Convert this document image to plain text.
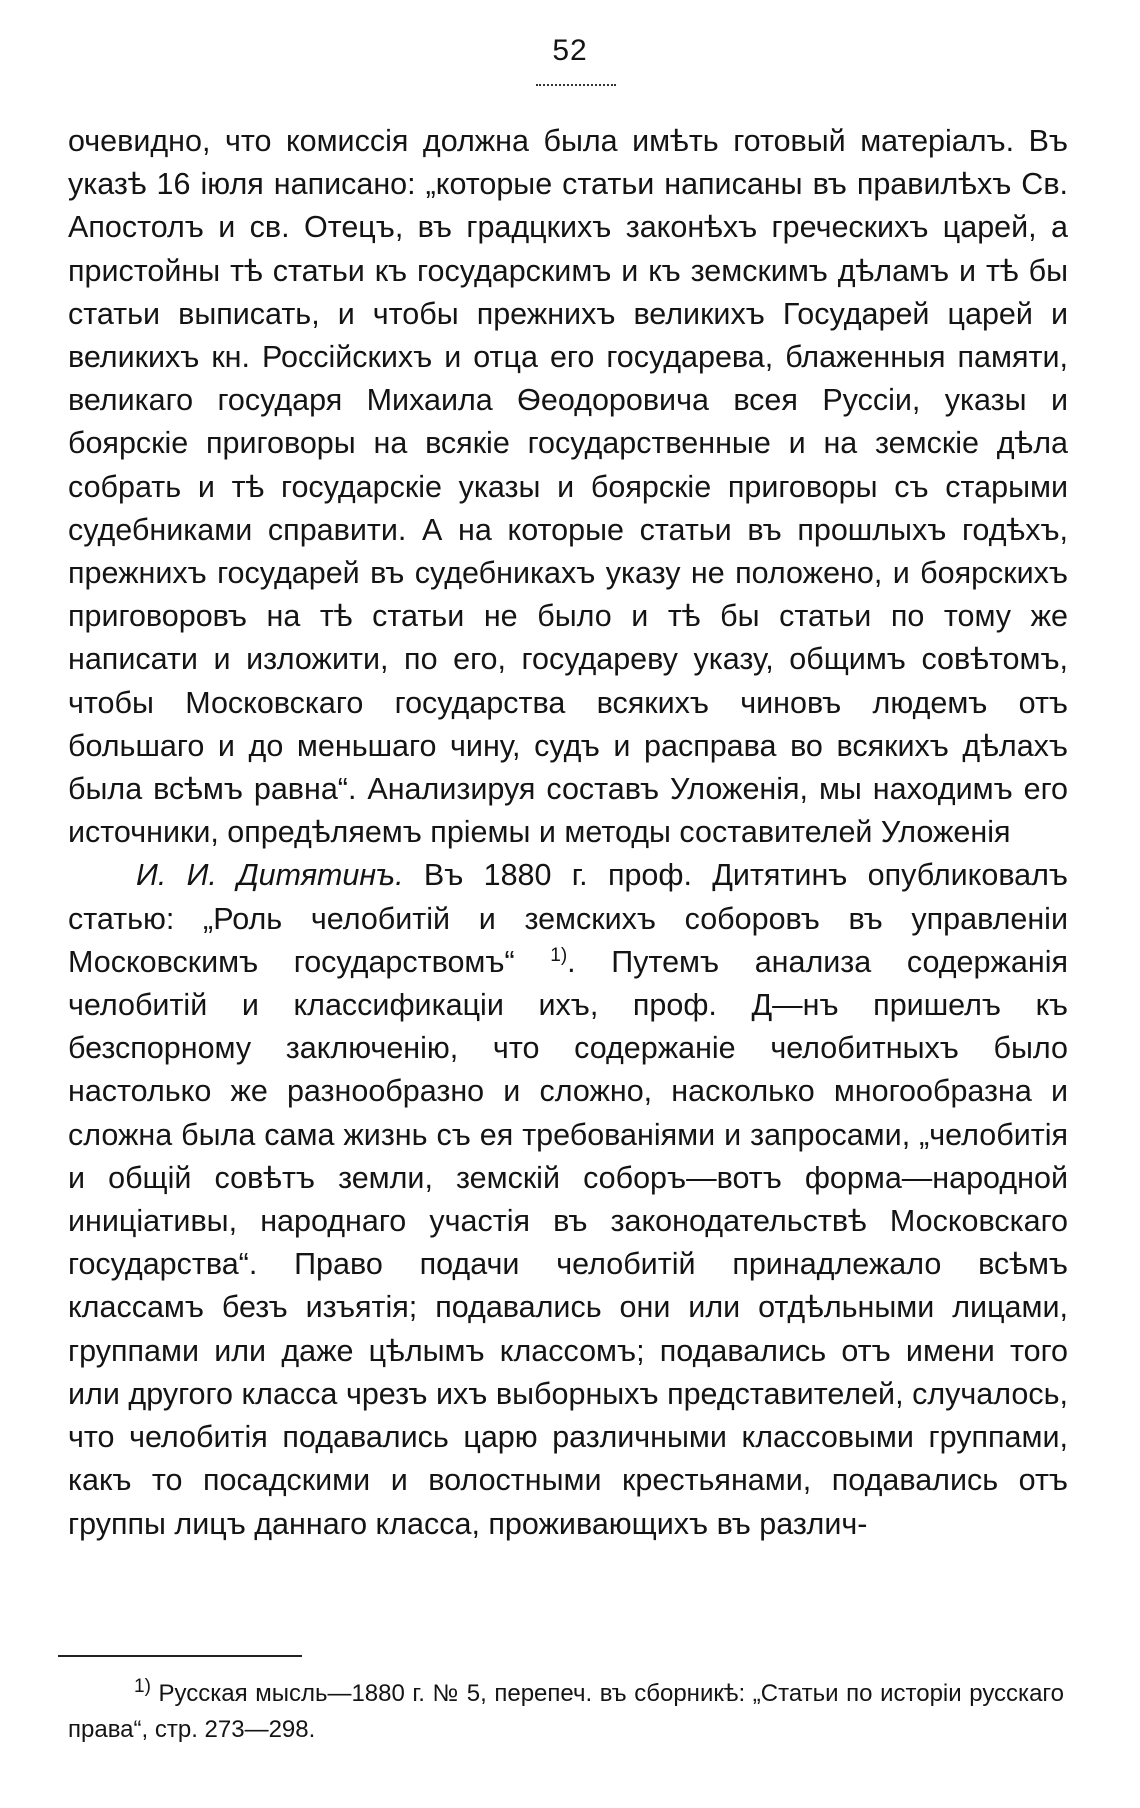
52

очевидно, что комиссія должна была имѣть готовый матеріалъ. Въ указѣ 16 іюля написано: „которые статьи написаны въ правилѣхъ Св. Апостолъ и св. Отецъ, въ градцкихъ законѣхъ греческихъ царей, а пристойны тѣ статьи къ государскимъ и къ земскимъ дѣламъ и тѣ бы статьи выписать, и чтобы прежнихъ великихъ Государей царей и великихъ кн. Россійскихъ и отца его государева, блаженныя памяти, великаго государя Михаила Ѳеодоровича всея Руссіи, указы и боярскіе приговоры на всякіе государственные и на земскіе дѣла собрать и тѣ государскіе указы и боярскіе приговоры съ старыми судебниками справити. А на которые статьи въ прошлыхъ годѣхъ, прежнихъ государей въ судебникахъ указу не положено, и боярскихъ приговоровъ на тѣ статьи не было и тѣ бы статьи по тому же написати и изложити, по его, государеву указу, общимъ совѣтомъ, чтобы Московскаго государства всякихъ чиновъ людемъ отъ большаго и до меньшаго чину, судъ и расправа во всякихъ дѣлахъ была всѣмъ равна“. Анализируя составъ Уложенія, мы находимъ его источники, опредѣляемъ пріемы и методы составителей Уложенія

И. И. Дитятинъ. Въ 1880 г. проф. Дитятинъ опубликовалъ статью: „Роль челобитій и земскихъ соборовъ въ управленіи Московскимъ государствомъ“ $^{1)}$. Путемъ анализа содержанія челобитій и классификаціи ихъ, проф. Д—нъ пришелъ къ безспорному заключенію, что содержаніе челобитныхъ было настолько же разнообразно и сложно, насколько многообразна и сложна была сама жизнь съ ея требованіями и запросами, „челобитія и общій совѣтъ земли, земскій соборъ—вотъ форма—народной иниціативы, народнаго участія въ законодательствѣ Московскаго государства“. Право подачи челобитій принадлежало всѣмъ классамъ безъ изъятія; подавались они или отдѣльными лицами, группами или даже цѣлымъ классомъ; подавались отъ имени того или другого класса чрезъ ихъ выборныхъ представителей, случалось, что челобитія подавались царю различными классовыми группами, какъ то посадскими и волостными крестьянами, подавались отъ группы лицъ даннаго класса, проживающихъ въ различ-

$^{1)}$ Русская мысль—1880 г. № 5, перепеч. въ сборникѣ: „Статьи по исторіи русскаго права“, стр. 273—298.
